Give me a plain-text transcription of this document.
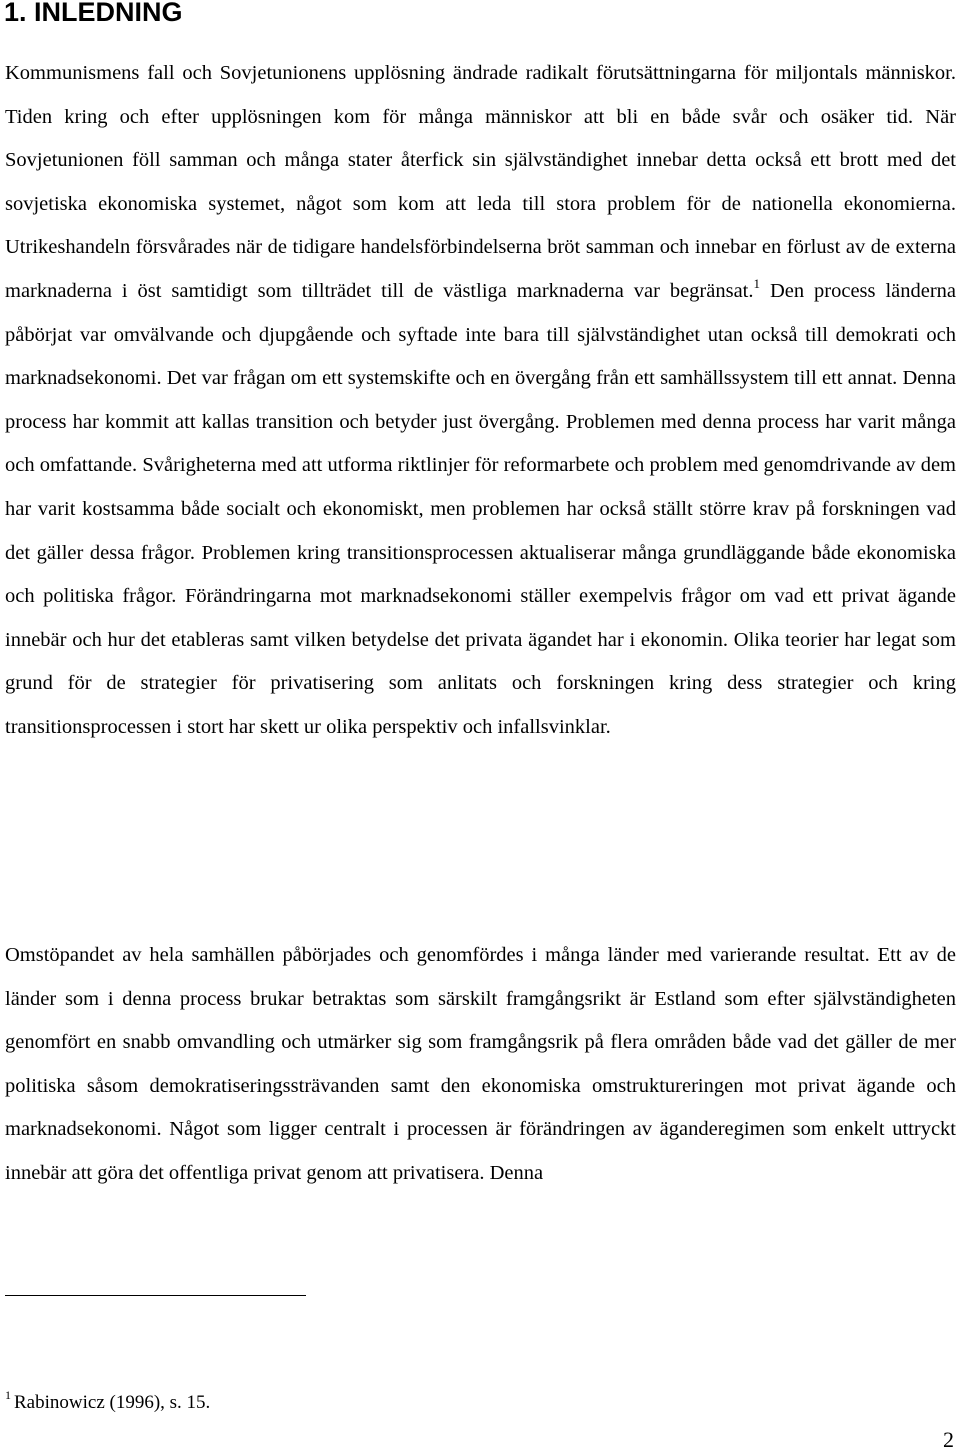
1. INLEDNING

Kommunismens fall och Sovjetunionens upplösning ändrade radikalt förutsättningarna för miljontals människor. Tiden kring och efter upplösningen kom för många människor att bli en både svår och osäker tid. När Sovjetunionen föll samman och många stater återfick sin självständighet innebar detta också ett brott med det sovjetiska ekonomiska systemet, något som kom att leda till stora problem för de nationella ekonomierna. Utrikeshandeln försvårades när de tidigare handelsförbindelserna bröt samman och innebar en förlust av de externa marknaderna i öst samtidigt som tillträdet till de västliga marknaderna var begränsat.$^1$ Den process länderna påbörjat var omvälvande och djupgående och syftade inte bara till självständighet utan också till demokrati och marknadsekonomi. Det var frågan om ett systemskifte och en övergång från ett samhällssystem till ett annat. Denna process har kommit att kallas transition och betyder just övergång. Problemen med denna process har varit många och omfattande. Svårigheterna med att utforma riktlinjer för reformarbete och problem med genomdrivande av dem har varit kostsamma både socialt och ekonomiskt, men problemen har också ställt större krav på forskningen vad det gäller dessa frågor. Problemen kring transitionsprocessen aktualiserar många grundläggande både ekonomiska och politiska frågor. Förändringarna mot marknadsekonomi ställer exempelvis frågor om vad ett privat ägande innebär och hur det etableras samt vilken betydelse det privata ägandet har i ekonomin. Olika teorier har legat som grund för de strategier för privatisering som anlitats och forskningen kring dess strategier och kring transitionsprocessen i stort har skett ur olika perspektiv och infallsvinklar.

Omstöpandet av hela samhällen påbörjades och genomfördes i många länder med varierande resultat. Ett av de länder som i denna process brukar betraktas som särskilt framgångsrikt är Estland som efter självständigheten genomfört en snabb omvandling och utmärker sig som framgångsrik på flera områden både vad det gäller de mer politiska såsom demokratiseringssträvanden samt den ekonomiska omstruktureringen mot privat ägande och marknadsekonomi. Något som ligger centralt i processen är förändringen av äganderegimen som enkelt uttryckt innebär att göra det offentliga privat genom att privatisera. Denna

$^1$ Rabinowicz (1996), s. 15.

2
